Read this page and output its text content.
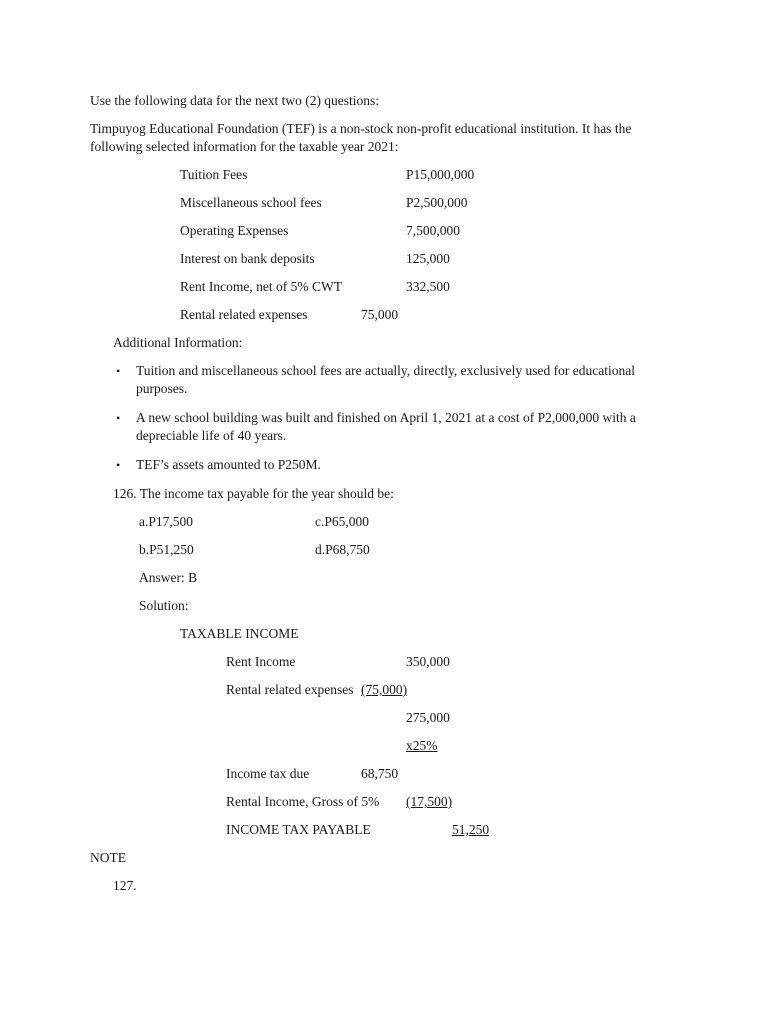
Use the following data for the next two (2) questions:
Timpuyog Educational Foundation (TEF) is a non-stock non-profit educational institution. It has the
following selected information for the taxable year 2021:
Tuition Fees	P15,000,000
Miscellaneous school fees	P2,500,000
Operating Expenses	7,500,000
Interest on bank deposits	125,000
Rent Income, net of 5% CWT	332,500
Rental related expenses	75,000
Additional Information:
• Tuition and miscellaneous school fees are actually, directly, exclusively used for educational
purposes.
• A new school building was built and finished on April 1, 2021 at a cost of P2,000,000 with a
depreciable life of 40 years.
• TEF’s assets amounted to P250M.
126. The income tax payable for the year should be:
a.P17,500	c.P65,000
b.P51,250	d.P68,750
Answer: B
Solution:
TAXABLE INCOME
Rent Income	350,000
Rental related expenses (75,000)
275,000
x25%
Income tax due	68,750
Rental Income, Gross of 5% (17,500)
INCOME TAX PAYABLE	51,250
NOTE
127.
